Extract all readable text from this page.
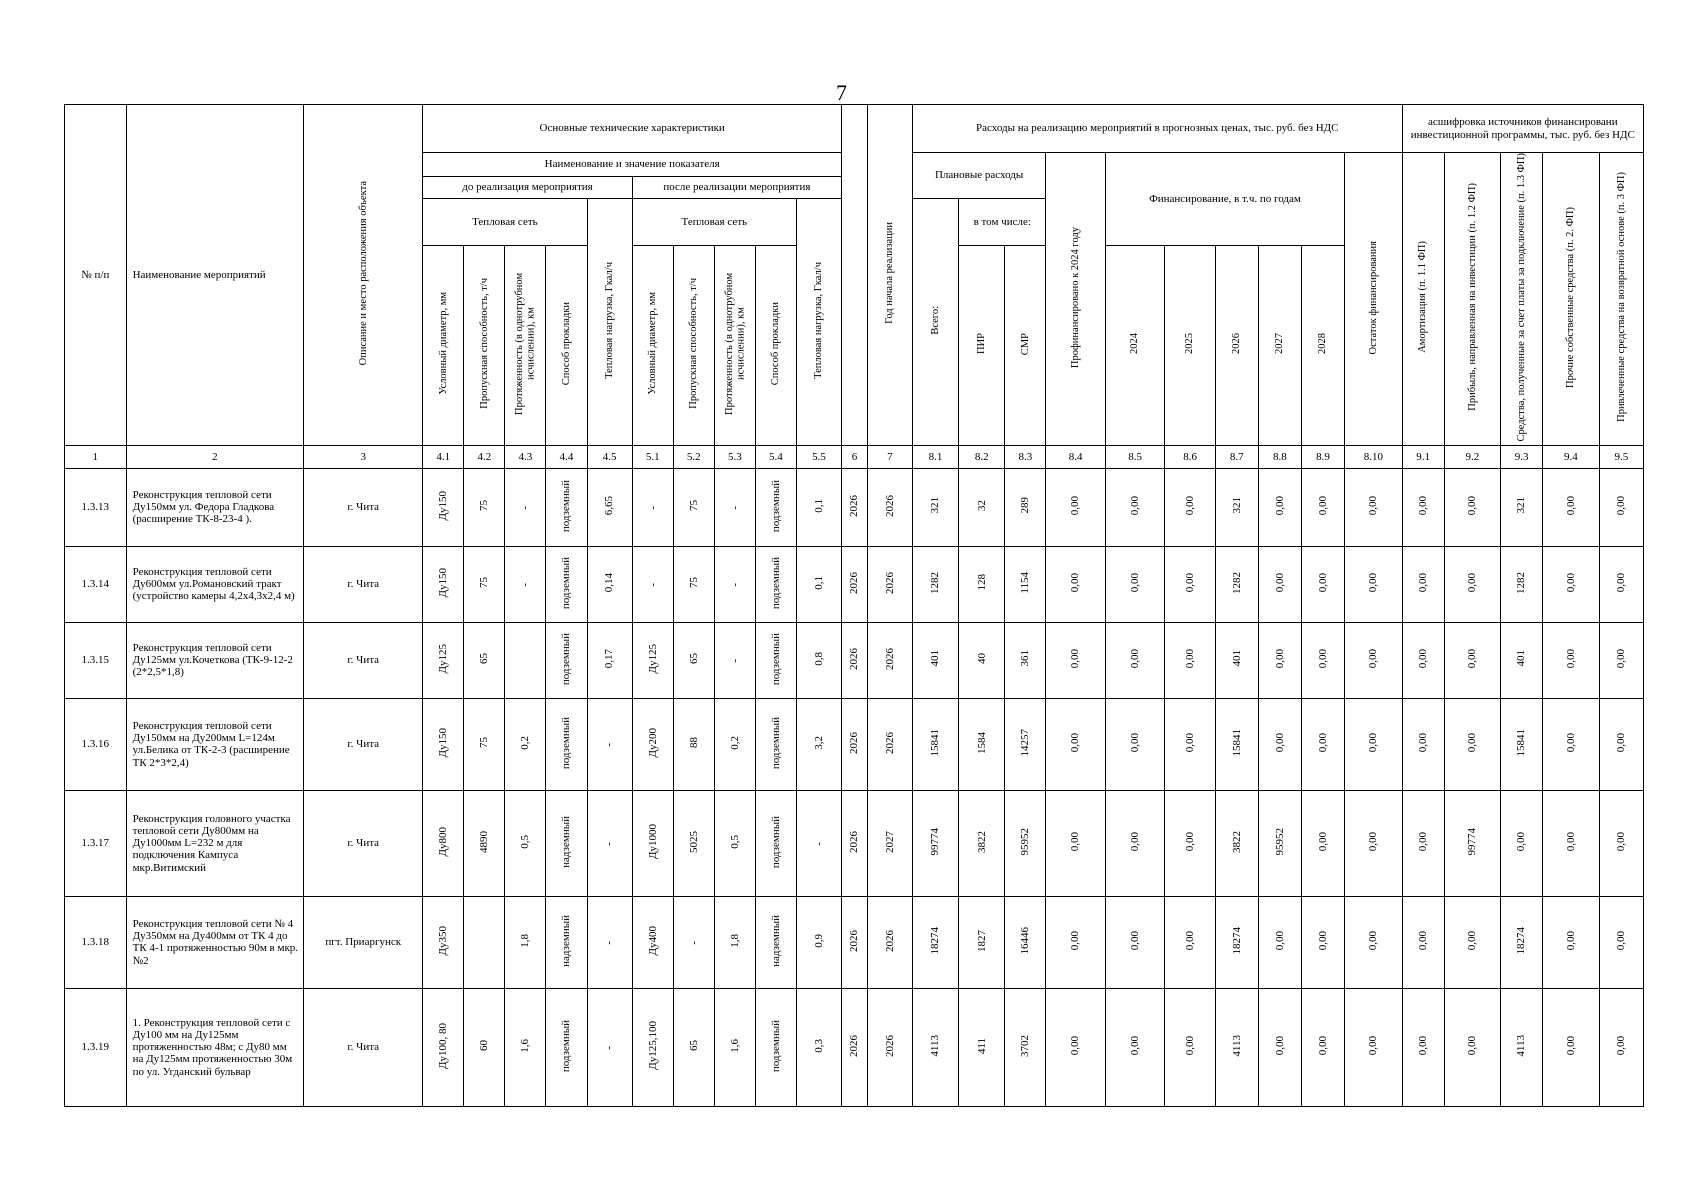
7
№ п/п	Наименование мероприятий	Описание и место расположения объекта	Основные технические характеристики											Год начала реализации	Расходы на реализацию мероприятий в прогнозных ценах, тыс. руб. без НДС										асшифровка источников финансировани инвестиционной программы, тыс. руб. без НДС				
			Наименование и значение показателя												Плановые расходы			Профинансировано к 2024 году	Финансирование, в т.ч. по годам					Остаток финансирования	Амортизация (п. 1.1 ФП)	Прибыль, направленная на инвестиции (п. 1.2 ФП)	Средства, полученные за счет платы за подключение (п. 1.3 ФП)	Прочие собственные средства (п. 2. ФП)	Привлеченные средства на возвратной основе (п. 3 ФП)
			до реализация мероприятия					после реализации мероприятия																					
			Тепловая сеть				Тепловая нагрузка, Гкал/ч	Тепловая сеть				Тепловая нагрузка, Гкал/ч			Всего:	в том числе:													
			Условный диаметр, мм	Пропускная способность, т/ч	Протяженность (в однотрубном исчислении), км	Способ прокладки		Условный диаметр, мм	Пропускная способность, т/ч	Протяженность (в однотрубном исчислении), км	Способ прокладки					ПИР	СМР		2024	2025	2026	2027	2028						
1	2	3	4.1	4.2	4.3	4.4	4.5	5.1	5.2	5.3	5.4	5.5	6	7	8.1	8.2	8.3	8.4	8.5	8.6	8.7	8.8	8.9	8.10	9.1	9.2	9.3	9.4	9.5
1.3.13	Реконструкция тепловой сети Ду150мм ул. Федора Гладкова (расширение ТК-8-23-4 ).	г. Чита	Ду150	75	-	подземный	6,65	-	75	-	подземный	0,1	2026	2026	321	32	289	0,00	0,00	0,00	321	0,00	0,00	0,00	0,00	0,00	321	0,00	0,00
1.3.14	Реконструкция тепловой сети Ду600мм ул.Романовский тракт (устройство камеры 4,2х4,3х2,4 м)	г. Чита	Ду150	75	-	подземный	0,14	-	75	-	подземный	0,1	2026	2026	1282	128	1154	0,00	0,00	0,00	1282	0,00	0,00	0,00	0,00	0,00	1282	0,00	0,00
1.3.15	Реконструкция тепловой сети Ду125мм ул.Кочеткова (ТК-9-12-2 (2*2,5*1,8)	г. Чита	Ду125	65		подземный	0,17	Ду125	65	-	подземный	0,8	2026	2026	401	40	361	0,00	0,00	0,00	401	0,00	0,00	0,00	0,00	0,00	401	0,00	0,00
1.3.16	Реконструкция тепловой сети Ду150мм на Ду200мм L=124м ул.Белика от ТК-2-3 (расширение ТК 2*3*2,4)	г. Чита	Ду150	75	0,2	подземный	-	Ду200	88	0,2	подземный	3,2	2026	2026	15841	1584	14257	0,00	0,00	0,00	15841	0,00	0,00	0,00	0,00	0,00	15841	0,00	0,00
1.3.17	Реконструкция головного участка тепловой сети Ду800мм на Ду1000мм L=232 м для подключения Кампуса мкр.Витимский	г. Чита	Ду800	4890	0,5	надземный	-	Ду1000	5025	0,5	подземный	-	2026	2027	99774	3822	95952	0,00	0,00	0,00	3822	95952	0,00	0,00	0,00	99774	0,00	0,00	0,00
1.3.18	Реконструкция тепловой сети № 4 Ду350мм на Ду400мм от ТК 4 до ТК 4-1 протяженностью 90м в мкр. №2	пгт. Приаргунск	Ду350		1,8	надземный	-	Ду400	-	1,8	надземный	0,9	2026	2026	18274	1827	16446	0,00	0,00	0,00	18274	0,00	0,00	0,00	0,00	0,00	18274	0,00	0,00
1.3.19	1. Реконструкция тепловой сети с Ду100 мм на Ду125мм протяженностью 48м; с Ду80 мм на Ду125мм протяженностью 30м по ул. Угданский бульвар	г. Чита	Ду100, 80	60	1,6	подземный	-	Ду125,100	65	1,6	подземный	0,3	2026	2026	4113	411	3702	0,00	0,00	0,00	4113	0,00	0,00	0,00	0,00	0,00	4113	0,00	0,00
